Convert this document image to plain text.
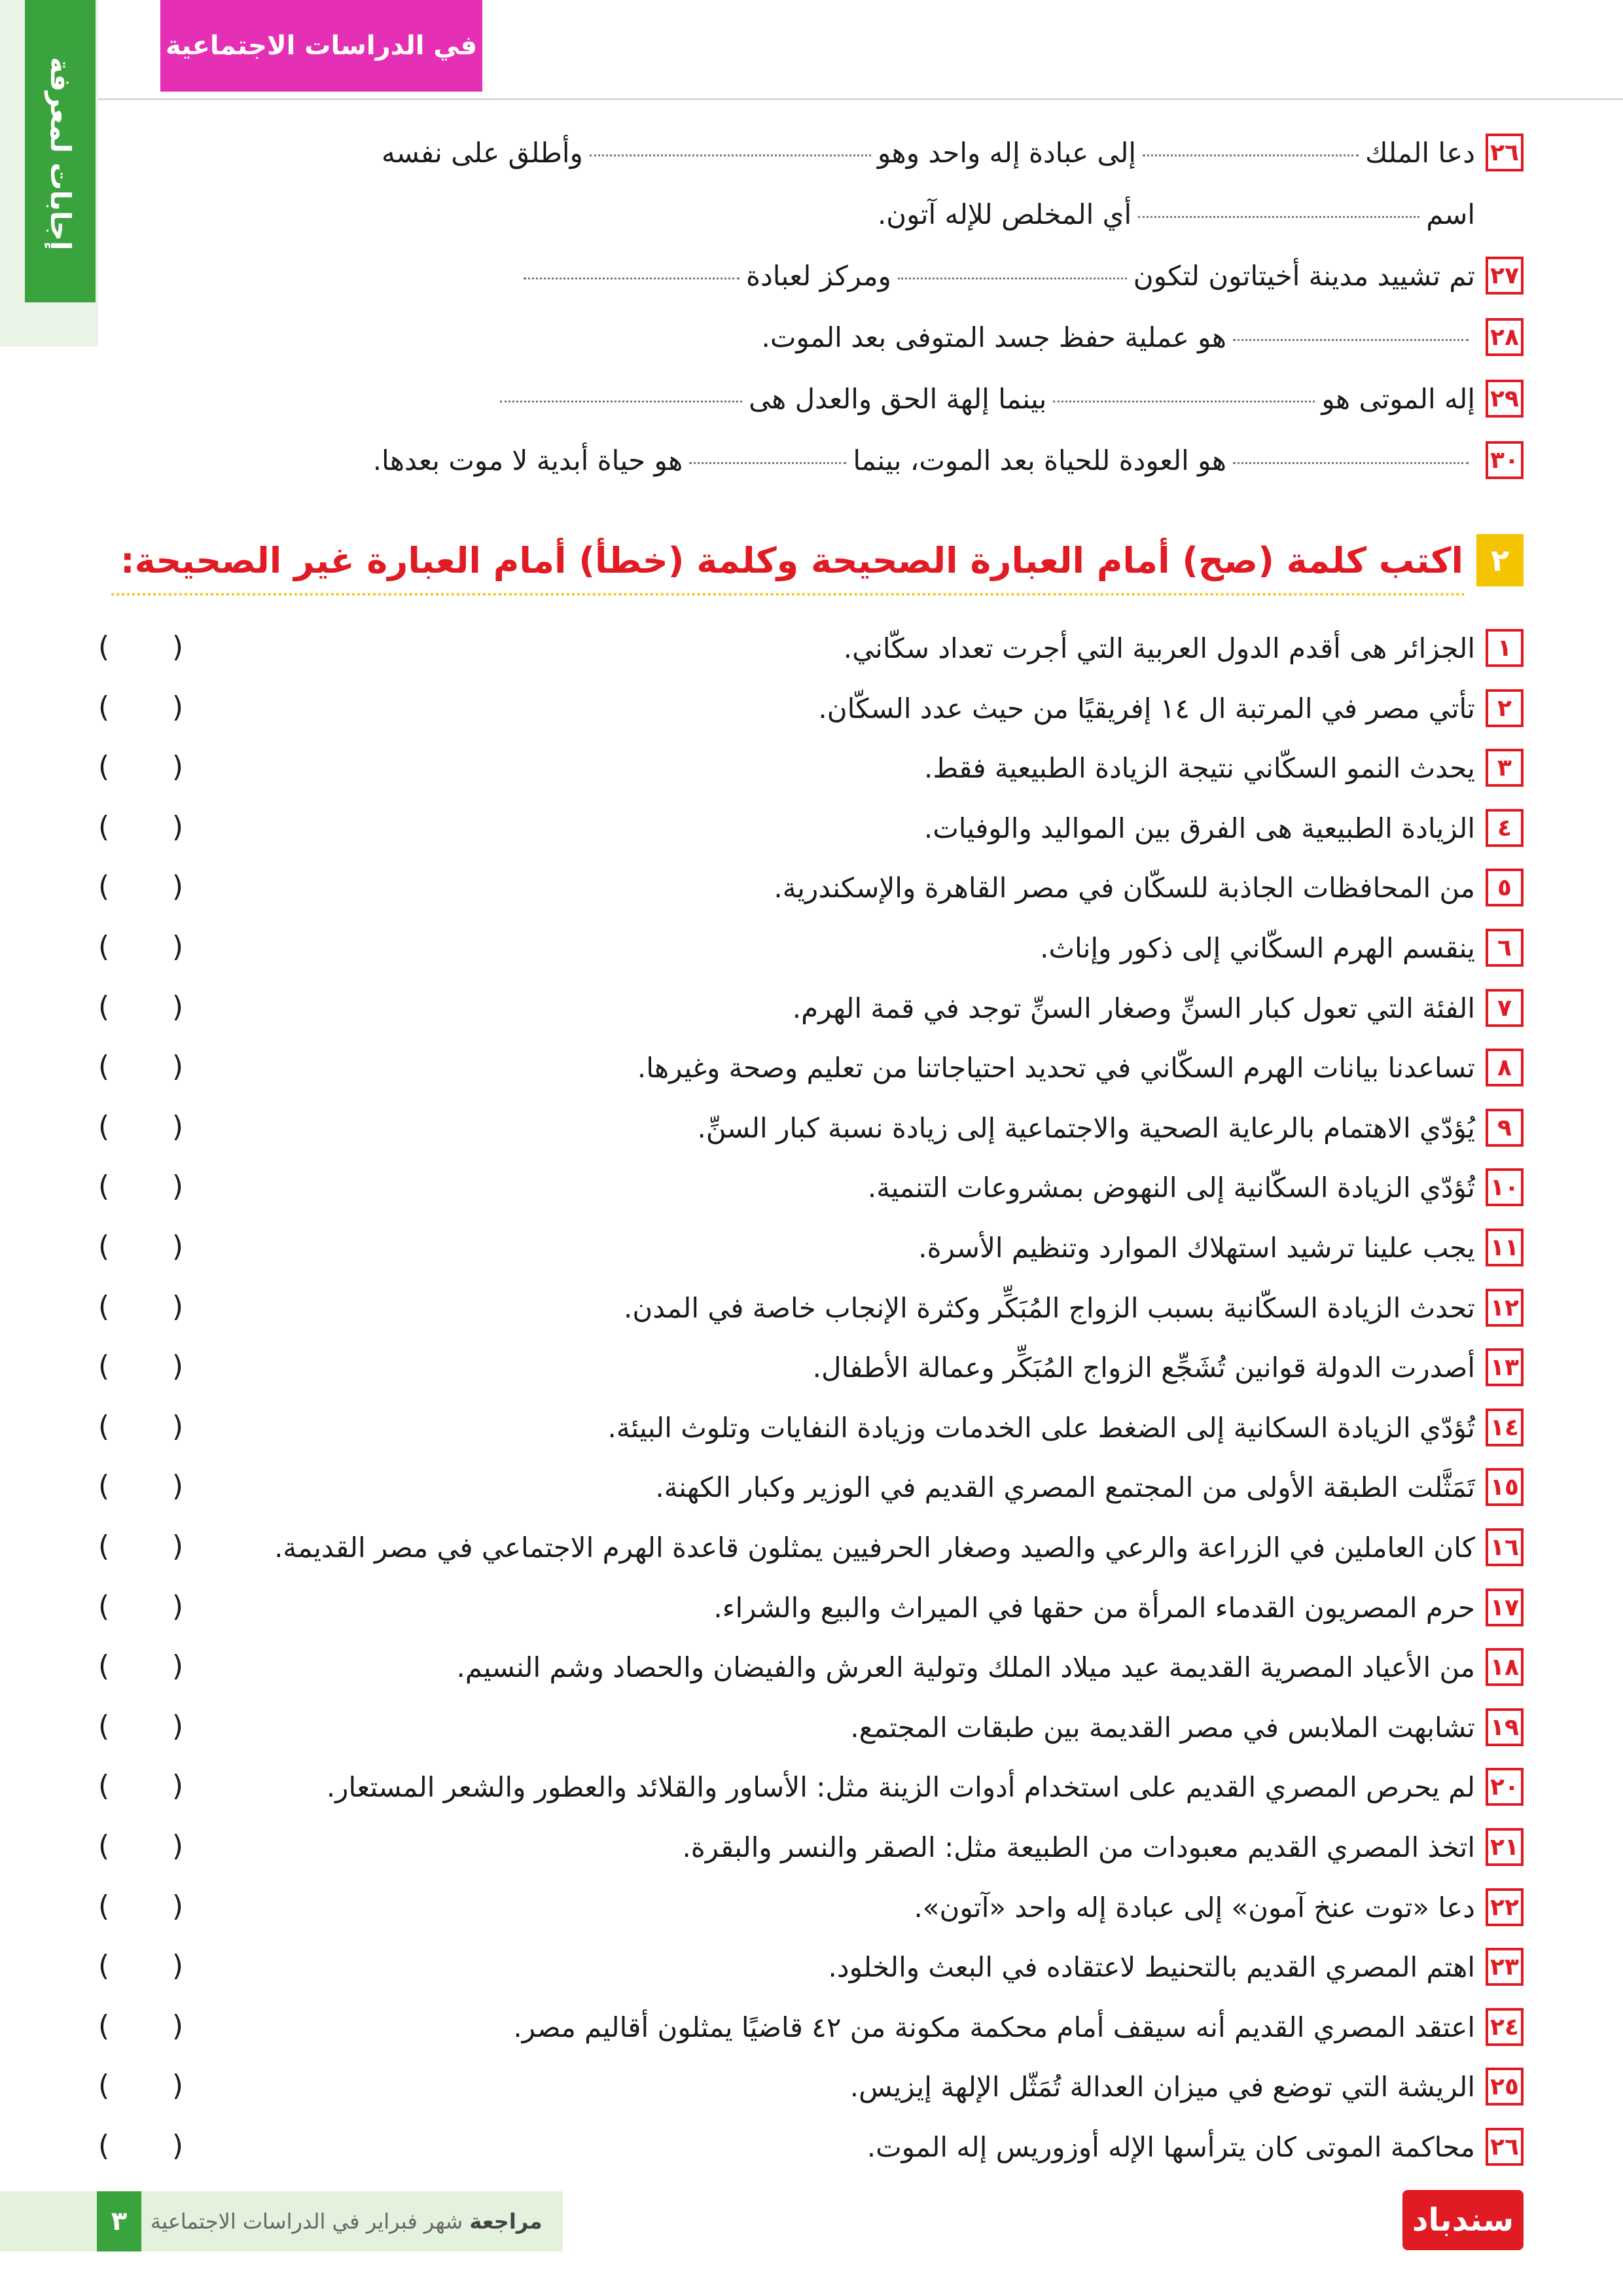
إجابات لمعرفة
في الدراسات الاجتماعية
٢٦
دعا الملك
إلى عبادة إله واحد وهو
وأطلق على نفسه
اسم
أي المخلص للإله آتون.
٢٧
تم تشييد مدينة أخيتاتون لتكون
ومركز لعبادة
٢٨
هو عملية حفظ جسد المتوفى بعد الموت.
٢٩
إله الموتى هو
بينما إلهة الحق والعدل هى
٣٠
هو العودة للحياة بعد الموت، بينما
هو حياة أبدية لا موت بعدها.
٢
اكتب كلمة (صح) أمام العبارة الصحيحة وكلمة (خطأ) أمام العبارة غير الصحيحة:
١
الجزائر هى أقدم الدول العربية التي أجرت تعداد سكّاني.
( )
٢
تأتي مصر في المرتبة ال ١٤ إفريقيًا من حيث عدد السكّان.
( )
٣
يحدث النمو السكّاني نتيجة الزيادة الطبيعية فقط.
( )
٤
الزيادة الطبيعية هى الفرق بين المواليد والوفيات.
( )
٥
من المحافظات الجاذبة للسكّان في مصر القاهرة والإسكندرية.
( )
٦
ينقسم الهرم السكّاني إلى ذكور وإناث.
( )
٧
الفئة التي تعول كبار السنِّ وصغار السنِّ توجد في قمة الهرم.
( )
٨
تساعدنا بيانات الهرم السكّاني في تحديد احتياجاتنا من تعليم وصحة وغيرها.
( )
٩
يُؤدّي الاهتمام بالرعاية الصحية والاجتماعية إلى زيادة نسبة كبار السنِّ.
( )
١٠
تُؤدّي الزيادة السكّانية إلى النهوض بمشروعات التنمية.
( )
١١
يجب علينا ترشيد استهلاك الموارد وتنظيم الأسرة.
( )
١٢
تحدث الزيادة السكّانية بسبب الزواج المُبَكِّر وكثرة الإنجاب خاصة في المدن.
( )
١٣
أصدرت الدولة قوانين تُشَجِّع الزواج المُبَكِّر وعمالة الأطفال.
( )
١٤
تُؤدّي الزيادة السكانية إلى الضغط على الخدمات وزيادة النفايات وتلوث البيئة.
( )
١٥
تَمَثَّلت الطبقة الأولى من المجتمع المصري القديم في الوزير وكبار الكهنة.
( )
١٦
كان العاملين في الزراعة والرعي والصيد وصغار الحرفيين يمثلون قاعدة الهرم الاجتماعي في مصر القديمة.
( )
١٧
حرم المصريون القدماء المرأة من حقها في الميراث والبيع والشراء.
( )
١٨
من الأعياد المصرية القديمة عيد ميلاد الملك وتولية العرش والفيضان والحصاد وشم النسيم.
( )
١٩
تشابهت الملابس في مصر القديمة بين طبقات المجتمع.
( )
٢٠
لم يحرص المصري القديم على استخدام أدوات الزينة مثل: الأساور والقلائد والعطور والشعر المستعار.
( )
٢١
اتخذ المصري القديم معبودات من الطبيعة مثل: الصقر والنسر والبقرة.
( )
٢٢
دعا «توت عنخ آمون» إلى عبادة إله واحد «آتون».
( )
٢٣
اهتم المصري القديم بالتحنيط لاعتقاده في البعث والخلود.
( )
٢٤
اعتقد المصري القديم أنه سيقف أمام محكمة مكونة من ٤٢ قاضيًا يمثلون أقاليم مصر.
( )
٢٥
الريشة التي توضع في ميزان العدالة تُمَثّل الإلهة إيزيس.
( )
٢٦
محاكمة الموتى كان يترأسها الإله أوزوريس إله الموت.
( )
٣	مراجعة

شهر فبراير في الدراسات الاجتماعية	سندباد
